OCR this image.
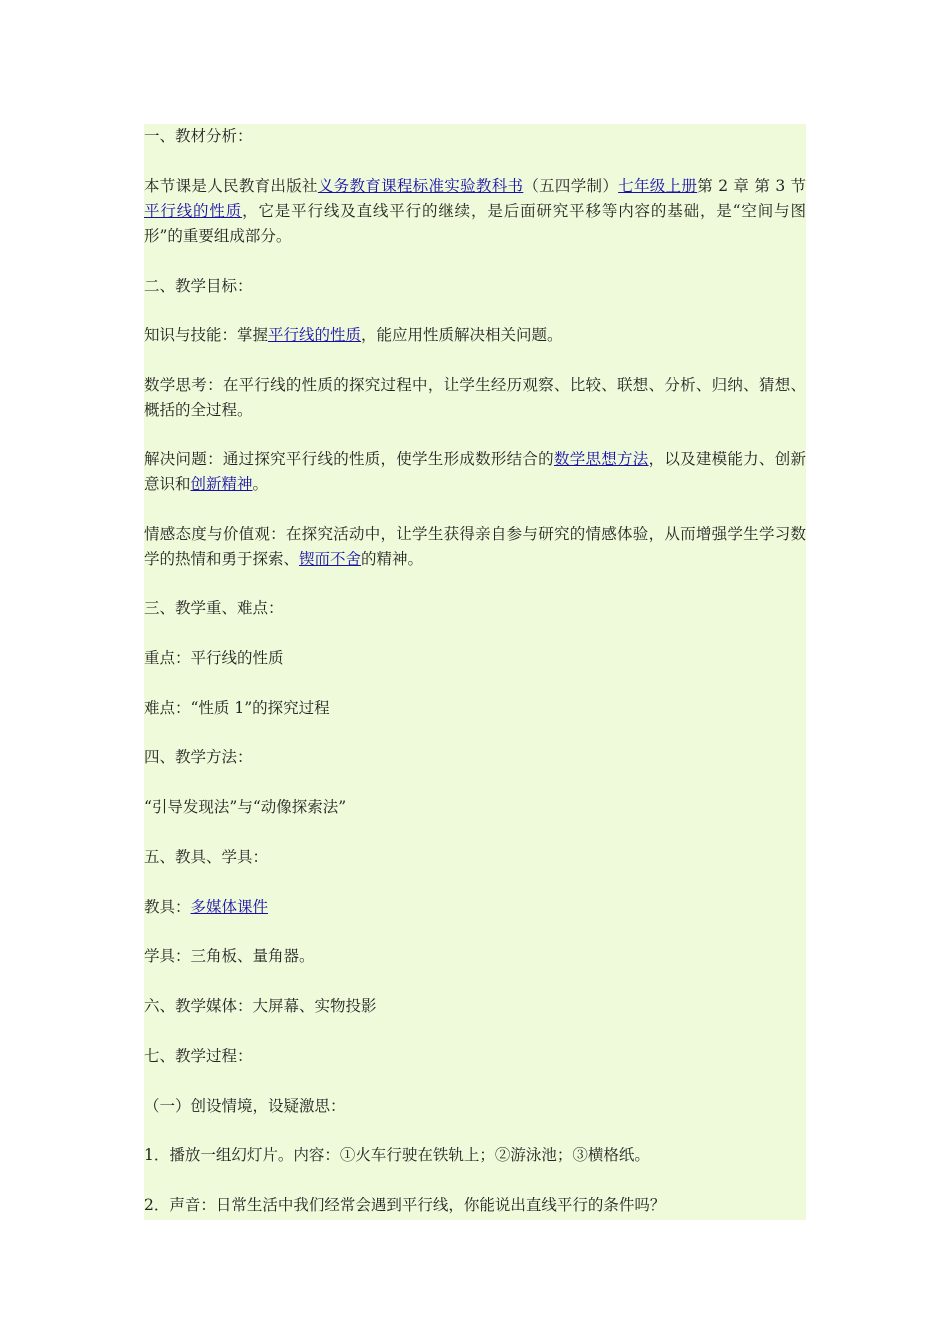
一、教材分析：

本节课是人民教育出版社义务教育课程标准实验教科书（五四学制）七年级上册第 2 章 第 3 节 平行线的性质，它是平行线及直线平行的继续，是后面研究平移等内容的基础，是“空间与图形”的重要组成部分。

二、教学目标：

知识与技能：掌握平行线的性质，能应用性质解决相关问题。

数学思考：在平行线的性质的探究过程中，让学生经历观察、比较、联想、分析、归纳、猜想、概括的全过程。

解决问题：通过探究平行线的性质，使学生形成数形结合的数学思想方法，以及建模能力、创新意识和创新精神。

情感态度与价值观：在探究活动中，让学生获得亲自参与研究的情感体验，从而增强学生学习数学的热情和勇于探索、锲而不舍的精神。

三、教学重、难点：

重点：平行线的性质

难点：“性质 1”的探究过程

四、教学方法：

“引导发现法”与“动像探索法”

五、教具、学具：

教具：多媒体课件

学具：三角板、量角器。

六、教学媒体：大屏幕、实物投影

七、教学过程：

（一）创设情境，设疑激思：

1．播放一组幻灯片。内容：①火车行驶在铁轨上；②游泳池；③横格纸。

2．声音：日常生活中我们经常会遇到平行线，你能说出直线平行的条件吗？
